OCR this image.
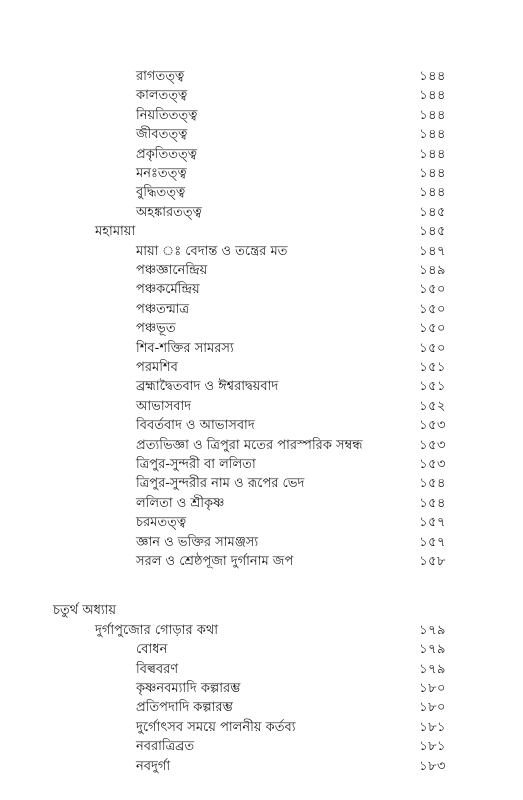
রাগতত্ত্ব	১৪৪
কালতত্ত্ব	১৪৪
নিয়তিতত্ত্ব	১৪৪
জীবতত্ত্ব	১৪৪
প্রকৃতিতত্ত্ব	১৪৪
মনঃতত্ত্ব	১৪৪
বুদ্ধিতত্ত্ব	১৪৪
অহঙ্কারতত্ত্ব	১৪৫
মহামায়া	১৪৫
মায়া ঃ বেদান্ত ও তন্ত্রের মত	১৪৭
পঞ্চজ্ঞানেন্দ্রিয়	১৪৯
পঞ্চকর্মেন্দ্রিয়	১৫০
পঞ্চতন্মাত্র	১৫০
পঞ্চভূত	১৫০
শিব-শক্তির সামরস্য	১৫০
পরমশিব	১৫১
ব্রহ্মাদ্বৈতবাদ ও ঈশ্বরাদ্বয়বাদ	১৫১
আভাসবাদ	১৫২
বিবর্তবাদ ও আভাসবাদ	১৫৩
প্রত্যভিজ্ঞা ও ত্রিপুরা মতের পারস্পরিক সম্বন্ধ	১৫৩
ত্রিপুর-সুন্দরী বা ললিতা	১৫৩
ত্রিপুর-সুন্দরীর নাম ও রূপের ভেদ	১৫৪
ললিতা ও শ্রীকৃষ্ণ	১৫৪
চরমতত্ত্ব	১৫৭
জ্ঞান ও ভক্তির সামঞ্জস্য	১৫৭
সরল ও শ্রেষ্ঠপূজা দুর্গানাম জপ	১৫৮
চতুর্থ অধ্যায়
দুর্গাপুজোর গোড়ার কথা	১৭৯
বোধন	১৭৯
বিল্ববরণ	১৭৯
কৃষ্ণনবম্যাদি কল্পারম্ভ	১৮০
প্রতিপদাদি কল্পারম্ভ	১৮০
দুর্গোৎসব সময়ে পালনীয় কর্তব্য	১৮১
নবরাত্রিব্রত	১৮১
নবদুর্গা	১৮৩
